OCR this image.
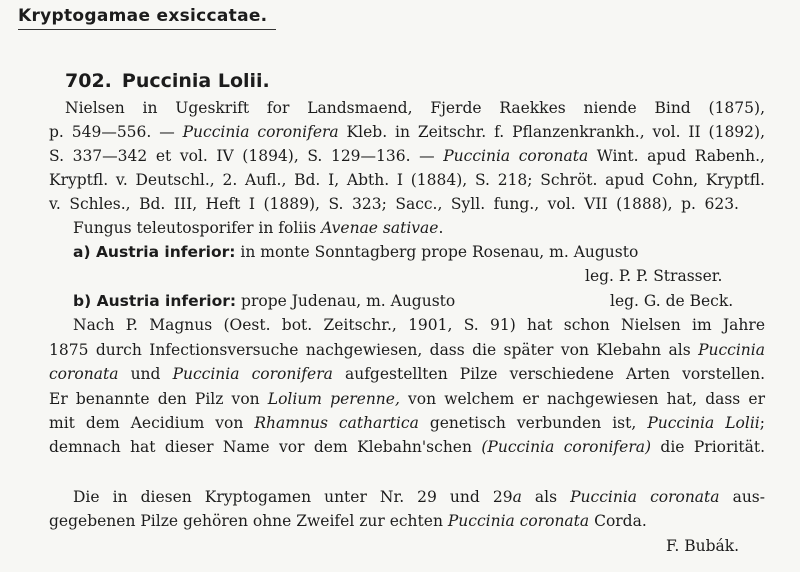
Kryptogamae exsiccatae.
702. Puccinia Lolii.
Nielsen in Ugeskrift for Landsmaend, Fjerde Raekkes niende Bind (1875),
p. 549—556. — Puccinia coronifera Kleb. in Zeitschr. f. Pflanzenkrankh., vol. II (1892),
S. 337—342 et vol. IV (1894), S. 129—136. — Puccinia coronata Wint. apud Rabenh.,
Kryptfl. v. Deutschl., 2. Aufl., Bd. I, Abth. I (1884), S. 218; Schröt. apud Cohn, Kryptfl.
v. Schles., Bd. III, Heft I (1889), S. 323; Sacc., Syll. fung., vol. VII (1888), p. 623.
Fungus teleutosporifer in foliis Avenae sativae.
a) Austria inferior: in monte Sonntagberg prope Rosenau, m. Augusto
leg. P. P. Strasser.
b) Austria inferior: prope Judenau, m. Augusto	leg. G. de Beck.
Nach P. Magnus (Oest. bot. Zeitschr., 1901, S. 91) hat schon Nielsen im Jahre
1875 durch Infectionsversuche nachgewiesen, dass die später von Klebahn als Puccinia
coronata und Puccinia coronifera aufgestellten Pilze verschiedene Arten vorstellen.
Er benannte den Pilz von Lolium perenne, von welchem er nachgewiesen hat, dass er
mit dem Aecidium von Rhamnus cathartica genetisch verbunden ist, Puccinia Lolii;
demnach hat dieser Name vor dem Klebahn'schen (Puccinia coronifera) die Priorität.
Die in diesen Kryptogamen unter Nr. 29 und 29a als Puccinia coronata aus-
gegebenen Pilze gehören ohne Zweifel zur echten Puccinia coronata Corda.
F. Bubák.
